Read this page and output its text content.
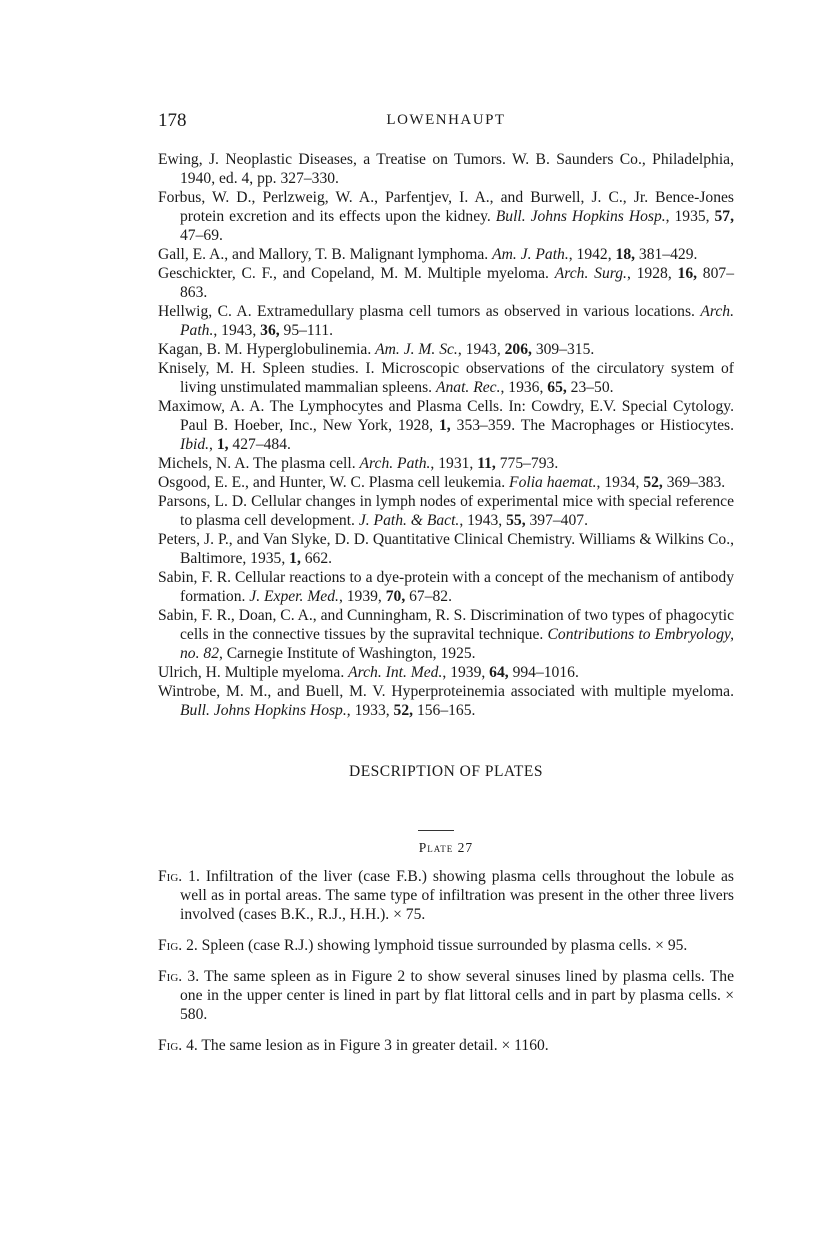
178	LOWENHAUPT

Ewing, J. Neoplastic Diseases, a Treatise on Tumors. W. B. Saunders Co., Philadelphia, 1940, ed. 4, pp. 327–330.

Forbus, W. D., Perlzweig, W. A., Parfentjev, I. A., and Burwell, J. C., Jr. Bence-Jones protein excretion and its effects upon the kidney. Bull. Johns Hopkins Hosp., 1935, 57, 47–69.

Gall, E. A., and Mallory, T. B. Malignant lymphoma. Am. J. Path., 1942, 18, 381–429.

Geschickter, C. F., and Copeland, M. M. Multiple myeloma. Arch. Surg., 1928, 16, 807–863.

Hellwig, C. A. Extramedullary plasma cell tumors as observed in various locations. Arch. Path., 1943, 36, 95–111.

Kagan, B. M. Hyperglobulinemia. Am. J. M. Sc., 1943, 206, 309–315.

Knisely, M. H. Spleen studies. I. Microscopic observations of the circulatory system of living unstimulated mammalian spleens. Anat. Rec., 1936, 65, 23–50.

Maximow, A. A. The Lymphocytes and Plasma Cells. In: Cowdry, E.V. Special Cytology. Paul B. Hoeber, Inc., New York, 1928, 1, 353–359. The Macrophages or Histiocytes. Ibid., 1, 427–484.

Michels, N. A. The plasma cell. Arch. Path., 1931, 11, 775–793.

Osgood, E. E., and Hunter, W. C. Plasma cell leukemia. Folia haemat., 1934, 52, 369–383.

Parsons, L. D. Cellular changes in lymph nodes of experimental mice with special reference to plasma cell development. J. Path. & Bact., 1943, 55, 397–407.

Peters, J. P., and Van Slyke, D. D. Quantitative Clinical Chemistry. Williams & Wilkins Co., Baltimore, 1935, 1, 662.

Sabin, F. R. Cellular reactions to a dye-protein with a concept of the mechanism of antibody formation. J. Exper. Med., 1939, 70, 67–82.

Sabin, F. R., Doan, C. A., and Cunningham, R. S. Discrimination of two types of phagocytic cells in the connective tissues by the supravital technique. Contributions to Embryology, no. 82, Carnegie Institute of Washington, 1925.

Ulrich, H. Multiple myeloma. Arch. Int. Med., 1939, 64, 994–1016.

Wintrobe, M. M., and Buell, M. V. Hyperproteinemia associated with multiple myeloma. Bull. Johns Hopkins Hosp., 1933, 52, 156–165.

DESCRIPTION OF PLATES
Plate 27

Fig. 1. Infiltration of the liver (case F.B.) showing plasma cells throughout the lobule as well as in portal areas. The same type of infiltration was present in the other three livers involved (cases B.K., R.J., H.H.). × 75.

Fig. 2. Spleen (case R.J.) showing lymphoid tissue surrounded by plasma cells. × 95.

Fig. 3. The same spleen as in Figure 2 to show several sinuses lined by plasma cells. The one in the upper center is lined in part by flat littoral cells and in part by plasma cells. × 580.

Fig. 4. The same lesion as in Figure 3 in greater detail. × 1160.
